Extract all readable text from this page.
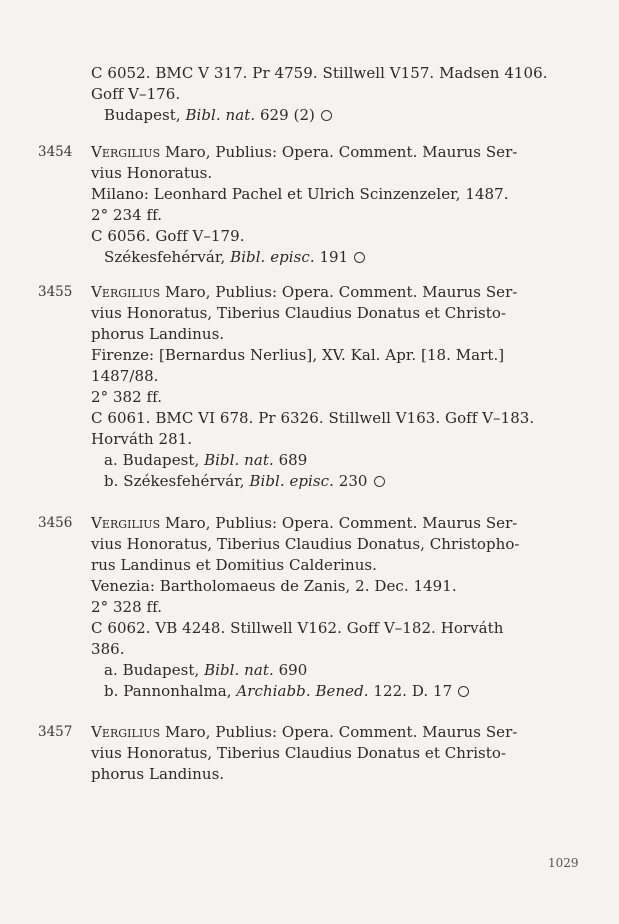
C 6052. BMC V 317. Pr 4759. Stillwell V157. Madsen 4106.
Goff V–176.
Budapest, Bibl. nat. 629 (2)
3454 Vergilius Maro, Publius: Opera. Comment. Maurus Ser-
vius Honoratus.
Milano: Leonhard Pachel et Ulrich Scinzenzeler, 1487.
2° 234 ff.
C 6056. Goff V–179.
Székesfehérvár, Bibl. episc. 191
3455 Vergilius Maro, Publius: Opera. Comment. Maurus Ser-
vius Honoratus, Tiberius Claudius Donatus et Christo-
phorus Landinus.
Firenze: [Bernardus Nerlius], XV. Kal. Apr. [18. Mart.]
1487/88.
2° 382 ff.
C 6061. BMC VI 678. Pr 6326. Stillwell V163. Goff V–183.
Horváth 281.
a. Budapest, Bibl. nat. 689
b. Székesfehérvár, Bibl. episc. 230
3456 Vergilius Maro, Publius: Opera. Comment. Maurus Ser-
vius Honoratus, Tiberius Claudius Donatus, Christopho-
rus Landinus et Domitius Calderinus.
Venezia: Bartholomaeus de Zanis, 2. Dec. 1491.
2° 328 ff.
C 6062. VB 4248. Stillwell V162. Goff V–182. Horváth
386.
a. Budapest, Bibl. nat. 690
b. Pannonhalma, Archiabb. Bened. 122. D. 17
3457 Vergilius Maro, Publius: Opera. Comment. Maurus Ser-
vius Honoratus, Tiberius Claudius Donatus et Christo-
phorus Landinus.
1029
